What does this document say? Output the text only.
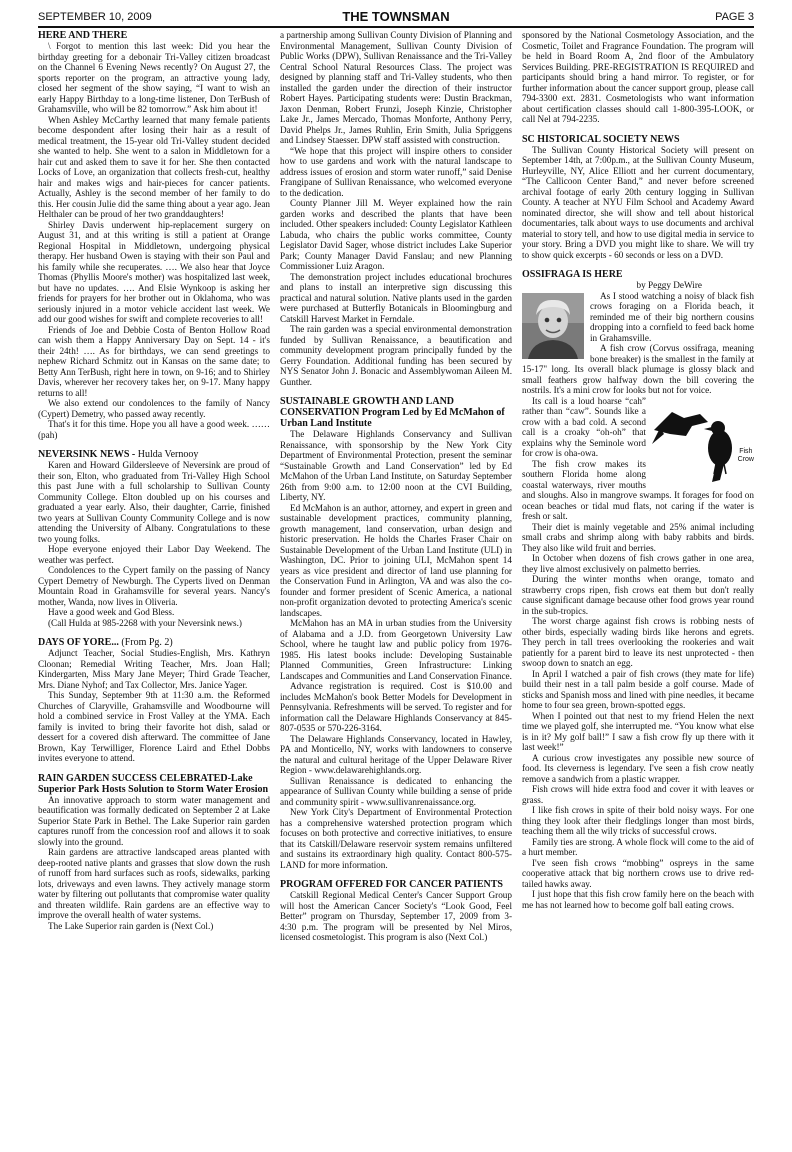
SEPTEMBER 10, 2009	THE TOWNSMAN	PAGE 3
HERE AND THERE

\ Forgot to mention this last week: Did you hear the birthday greeting for a debonair Tri-Valley citizen broadcast on the Channel 6 Evening News recently? On August 27, the sports reporter on the program, an attractive young lady, closed her segment of the show saying, “I want to wish an early Happy Birthday to a long-time listener, Don TerBush of Grahamsville, who will be 82 tomorrow.” Ask him about it!

When Ashley McCarthy learned that many female patients become despondent after losing their hair as a result of medical treatment, the 15-year old Tri-Valley student decided she wanted to help. She went to a salon in Middletown for a hair cut and asked them to save it for her. She then contacted Locks of Love, an organization that collects fresh-cut, healthy hair and makes wigs and hair-pieces for cancer patients. Actually, Ashley is the second member of her family to do this. Her cousin Julie did the same thing about a year ago. Jean Helthaler can be proud of her two granddaughters!

Shirley Davis underwent hip-replacement surgery on August 31, and at this writing is still a patient at Orange Regional Hospital in Middletown, undergoing physical therapy. Her husband Owen is staying with their son Paul and his family while she recuperates. …. We also hear that Joyce Thomas (Phyllis Moore's mother) was hospitalized last week, but have no updates. …. And Elsie Wynkoop is asking her friends for prayers for her brother out in Oklahoma, who was seriously injured in a motor vehicle accident last week. We add our good wishes for swift and complete recoveries to all!

Friends of Joe and Debbie Costa of Benton Hollow Road can wish them a Happy Anniversary Day on Sept. 14 - it's their 24th! …. As for birthdays, we can send greetings to nephew Richard Schmitz out in Kansas on the same date; to Betty Ann TerBush, right here in town, on 9-16; and to Shirley Davis, wherever her recovery takes her, on 9-17. Many happy returns to all!

We also extend our condolences to the family of Nancy (Cypert) Demetry, who passed away recently.

That's it for this time. Hope you all have a good week. …… (pah)

NEVERSINK NEWS - Hulda Vernooy

Karen and Howard Gildersleeve of Neversink are proud of their son, Elton, who graduated from Tri-Valley High School this past June with a full scholarship to Sullivan County Community College. Elton doubled up on his courses and graduated a year early. Also, their daughter, Carrie, finished two years at Sullivan County Community College and is now attending the University of Albany. Congratulations to these two young folks.

Hope everyone enjoyed their Labor Day Weekend. The weather was perfect.

Condolences to the Cypert family on the passing of Nancy Cypert Demetry of Newburgh. The Cyperts lived on Denman Mountain Road in Grahamsville for several years. Nancy's mother, Wanda, now lives in Oliveria.

Have a good week and God Bless.

(Call Hulda at 985-2268 with your Neversink news.)

DAYS OF YORE... (From Pg. 2)

Adjunct Teacher, Social Studies-English, Mrs. Kathryn Cloonan; Remedial Writing Teacher, Mrs. Joan Hall; Kindergarten, Miss Mary Jane Meyer; Third Grade Teacher, Mrs. Diane Nyhof; and Tax Collector, Mrs. Janice Yager.

This Sunday, September 9th at 11:30 a.m. the Reformed Churches of Claryville, Grahamsville and Woodbourne will hold a combined service in Frost Valley at the YMA. Each family is invited to bring their favorite hot dish, salad or dessert for a covered dish afterward. The committee of Jane Brown, Kay Terwilliger, Florence Laird and Ethel Dobbs invites everyone to attend.

RAIN GARDEN SUCCESS CELEBRATED-Lake Superior Park Hosts Solution to Storm Water Erosion

An innovative approach to storm water management and beautification was formally dedicated on September 2 at Lake Superior State Park in Bethel. The Lake Superior rain garden captures runoff from the concession roof and allows it to soak slowly into the ground.

Rain gardens are attractive landscaped areas planted with deep-rooted native plants and grasses that slow down the rush of runoff from hard surfaces such as roofs, sidewalks, parking lots, driveways and even lawns. They actively manage storm water by filtering out pollutants that compromise water quality and threaten wildlife. Rain gardens are an effective way to improve the overall health of water systems.

The Lake Superior rain garden is (Next Col.)

a partnership among Sullivan County Division of Planning and Environmental Management, Sullivan County Division of Public Works (DPW), Sullivan Renaissance and the Tri-Valley Central School Natural Resources Class. The project was designed by planning staff and Tri-Valley students, who then installed the garden under the direction of their instructor Robert Hayes. Participating students were: Dustin Brackman, Jaxon Denman, Robert Frunzi, Joseph Kinzie, Christopher Lake Jr., James Mercado, Thomas Monforte, Anthony Perry, David Phelps Jr., James Ruhlin, Erin Smith, Julia Spriggens and Lindsey Staesser. DPW staff assisted with construction.

“We hope that this project will inspire others to consider how to use gardens and work with the natural landscape to address issues of erosion and storm water runoff,” said Denise Frangipane of Sullivan Renaissance, who welcomed everyone to the dedication.

County Planner Jill M. Weyer explained how the rain garden works and described the plants that have been included. Other speakers included: County Legislator Kathleen Labuda, who chairs the public works committee, County Legislator David Sager, whose district includes Lake Superior Park; County Manager David Fanslau; and new Planning Commissioner Luiz Aragon.

The demonstration project includes educational brochures and plans to install an interpretive sign discussing this practical and natural solution. Native plants used in the garden were purchased at Butterfly Botanicals in Bloomingburg and Catskill Harvest Market in Ferndale.

The rain garden was a special environmental demonstration funded by Sullivan Renaissance, a beautification and community development program principally funded by the Gerry Foundation. Additional funding has been secured by NYS Senator John J. Bonacic and Assemblywoman Aileen M. Gunther.

SUSTAINABLE GROWTH AND LAND CONSERVATION Program Led by Ed McMahon of Urban Land Institute

The Delaware Highlands Conservancy and Sullivan Renaissance, with sponsorship by the New York City Department of Environmental Protection, present the seminar “Sustainable Growth and Land Conservation” led by Ed McMahon of the Urban Land Institute, on Saturday September 26th from 9:00 a.m. to 12:00 noon at the CVI Building, Liberty, NY.

Ed McMahon is an author, attorney, and expert in green and sustainable development practices, community planning, growth management, land conservation, urban design and historic preservation. He holds the Charles Fraser Chair on Sustainable Development of the Urban Land Institute (ULI) in Washington, DC. Prior to joining ULI, McMahon spent 14 years as vice president and director of land use planning for the Conservation Fund in Arlington, VA and was also the co-founder and former president of Scenic America, a national non-profit organization devoted to protecting America's scenic landscapes.

McMahon has an MA in urban studies from the University of Alabama and a J.D. from Georgetown University Law School, where he taught law and public policy from 1976-1985. His latest books include: Developing Sustainable Planned Communities, Green Infrastructure: Linking Landscapes and Communities and Land Conservation Finance.

Advance registration is required. Cost is $10.00 and includes McMahon's book Better Models for Development in Pennsylvania. Refreshments will be served. To register and for information call the Delaware Highlands Conservancy at 845-807-0535 or 570-226-3164.

The Delaware Highlands Conservancy, located in Hawley, PA and Monticello, NY, works with landowners to conserve the natural and cultural heritage of the Upper Delaware River Region - www.delawarehighlands.org.

Sullivan Renaissance is dedicated to enhancing the appearance of Sullivan County while building a sense of pride and community spirit - www.sullivanrenaissance.org.

New York City's Department of Environmental Protection has a comprehensive watershed protection program which focuses on both protective and corrective initiatives, to ensure that its Catskill/Delaware reservoir system remains unfiltered and sustains its extraordinary high quality. Contact 800-575-LAND for more information.

PROGRAM OFFERED FOR CANCER PATIENTS

Catskill Regional Medical Center's Cancer Support Group will host the American Cancer Society's “Look Good, Feel Better” program on Thursday, September 17, 2009 from 3-4:30 p.m. The program will be presented by Nel Miros, licensed cosmetologist. This program is also (Next Col.)

sponsored by the National Cosmetology Association, and the Cosmetic, Toilet and Fragrance Foundation. The program will be held in Board Room A, 2nd floor of the Ambulatory Services Building. PRE-REGISTRATION IS REQUIRED and participants should bring a hand mirror. To register, or for further information about the cancer support group, please call 794-3300 ext. 2831. Cosmetologists who want information about certification classes should call 1-800-395-LOOK, or call Nel at 794-2235.

SC HISTORICAL SOCIETY NEWS

The Sullivan County Historical Society will present on September 14th, at 7:00p.m., at the Sullivan County Museum, Hurleyville, NY, Alice Elliott and her current documentary, “The Callicoon Center Band,” and never before screened archival footage of early 20th century logging in Sullivan County. A teacher at NYU Film School and Academy Award nominated director, she will show and tell about historical documentaries, talk about ways to use documents and archival material to story tell, and how to use digital media in service to your story. Bring a DVD you might like to share. We will try to show quick excerpts - 60 seconds or less on a DVD.

OSSIFRAGA IS HERE
by Peggy DeWire

As I stood watching a noisy of black fish crows foraging on a Florida beach, it reminded me of their big northern cousins dropping into a cornfield to feed back home in Grahamsville.

A fish crow (Corvus ossifraga, meaning bone breaker) is the smallest in the family at 15-17" long. Its overall black plumage is glossy black and small feathers grow halfway down the bill covering the nostrils. It's a mini crow for looks but not for voice.

Fish
Crow

Its call is a loud hoarse “cah” rather than “caw”. Sounds like a crow with a bad cold. A second call is a croaky “oh-oh” that explains why the Seminole word for crow is oha-owa.

The fish crow makes its southern Florida home along coastal waterways, river mouths and sloughs. Also in mangrove swamps. It forages for food on ocean beaches or tidal mud flats, not caring if the water is fresh or salt.

Their diet is mainly vegetable and 25% animal including small crabs and shrimp along with baby rabbits and birds. They also like wild fruit and berries.

In October when dozens of fish crows gather in one area, they live almost exclusively on palmetto berries.

During the winter months when orange, tomato and strawberry crops ripen, fish crows eat them but don't really cause significant damage because other food grows year round in the sub-tropics.

The worst charge against fish crows is robbing nests of other birds, especially wading birds like herons and egrets. They perch in tall trees overlooking the rookeries and wait patiently for a parent bird to leave its nest unprotected - then swoop down to snatch an egg.

In April I watched a pair of fish crows (they mate for life) build their nest in a tall palm beside a golf course. Made of sticks and Spanish moss and lined with pine needles, it became home to four sea green, brown-spotted eggs.

When I pointed out that nest to my friend Helen the next time we played golf, she interrupted me. “You know what else is in it? My golf ball!” I saw a fish crow fly up there with it last week!”

A curious crow investigates any possible new source of food. Its cleverness is legendary. I've seen a fish crow neatly remove a sandwich from a plastic wrapper.

Fish crows will hide extra food and cover it with leaves or grass.

I like fish crows in spite of their bold noisy ways. For one thing they look after their fledglings longer than most birds, teaching them all the wily tricks of successful crows.

Family ties are strong. A whole flock will come to the aid of a hurt member.

I've seen fish crows “mobbing” ospreys in the same cooperative attack that big northern crows use to drive red-tailed hawks away.

I just hope that this fish crow family here on the beach with me has not learned how to become golf ball eating crows.
